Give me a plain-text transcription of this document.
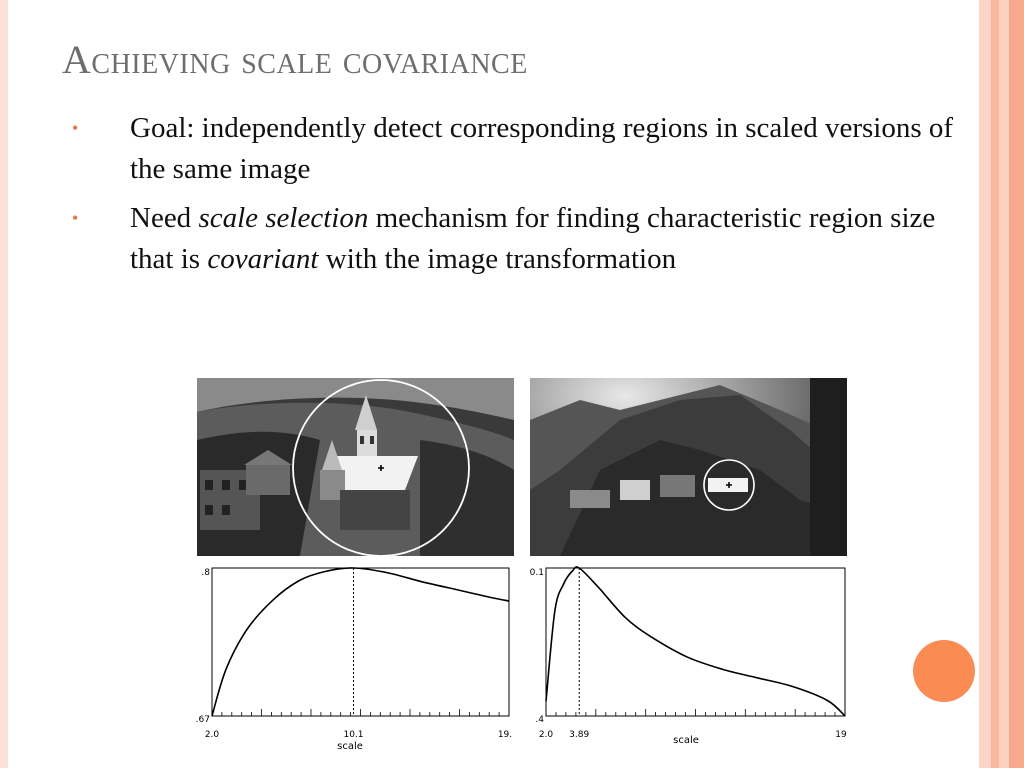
Achieving scale covariance
• Goal: independently detect corresponding regions in scaled versions of the same image
• Need scale selection mechanism for finding characteristic region size that is covariant with the image transformation
.8
.67
2.0	10.1	19.
scale
0.1
.4
2.0 3.89	19
scale
